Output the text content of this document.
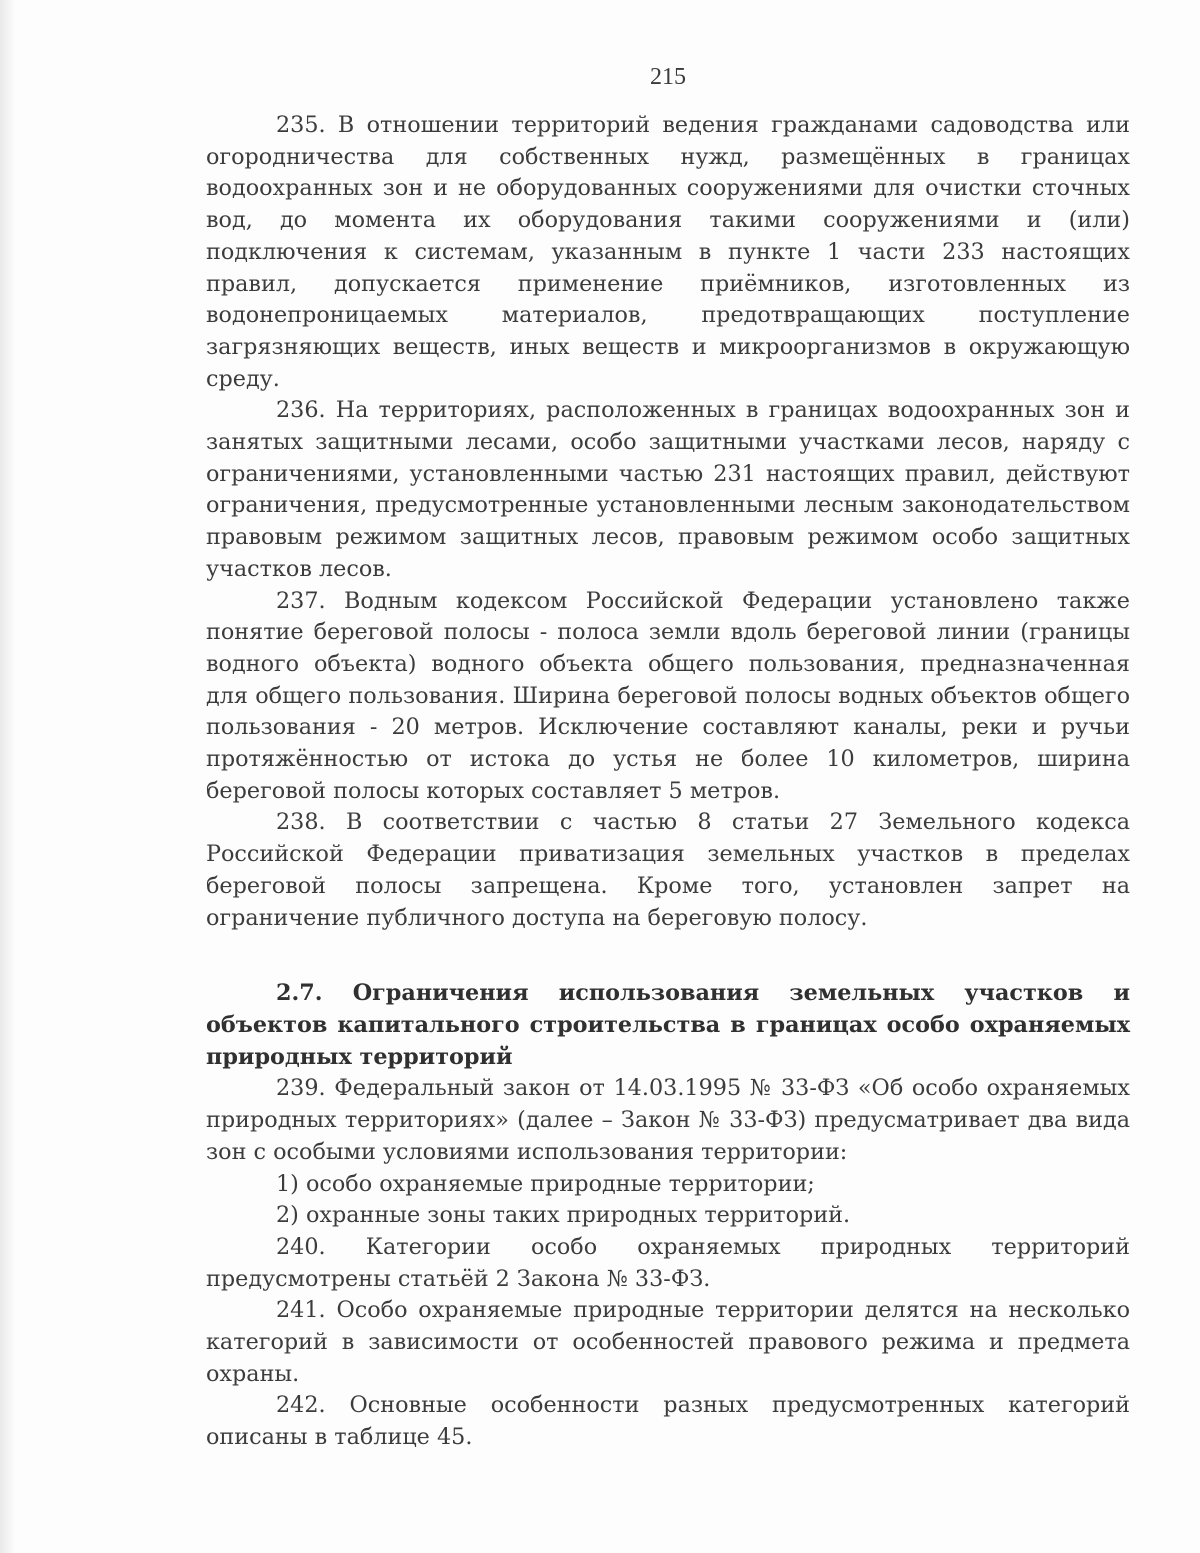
215

235. В отношении территорий ведения гражданами садоводства или огородничества для собственных нужд, размещённых в границах водоохранных зон и не оборудованных сооружениями для очистки сточных вод, до момента их оборудования такими сооружениями и (или) подключения к системам, указанным в пункте 1 части 233 настоящих правил, допускается применение приёмников, изготовленных из водонепроницаемых материалов, предотвращающих поступление загрязняющих веществ, иных веществ и микроорганизмов в окружающую среду.

236. На территориях, расположенных в границах водоохранных зон и занятых защитными лесами, особо защитными участками лесов, наряду с ограничениями, установленными частью 231 настоящих правил, действуют ограничения, предусмотренные установленными лесным законодательством правовым режимом защитных лесов, правовым режимом особо защитных участков лесов.

237. Водным кодексом Российской Федерации установлено также понятие береговой полосы - полоса земли вдоль береговой линии (границы водного объекта) водного объекта общего пользования, предназначенная для общего пользования. Ширина береговой полосы водных объектов общего пользования - 20 метров. Исключение составляют каналы, реки и ручьи протяжённостью от истока до устья не более 10 километров, ширина береговой полосы которых составляет 5 метров.

238. В соответствии с частью 8 статьи 27 Земельного кодекса Российской Федерации приватизация земельных участков в пределах береговой полосы запрещена. Кроме того, установлен запрет на ограничение публичного доступа на береговую полосу.

2.7. Ограничения использования земельных участков и объектов капитального строительства в границах особо охраняемых природных территорий

239. Федеральный закон от 14.03.1995 № 33-ФЗ «Об особо охраняемых природных территориях» (далее – Закон № 33-ФЗ) предусматривает два вида зон с особыми условиями использования территории:

1) особо охраняемые природные территории;

2) охранные зоны таких природных территорий.

240. Категории особо охраняемых природных территорий предусмотрены статьёй 2 Закона № 33-ФЗ.

241. Особо охраняемые природные территории делятся на несколько категорий в зависимости от особенностей правового режима и предмета охраны.

242. Основные особенности разных предусмотренных категорий описаны в таблице 45.
